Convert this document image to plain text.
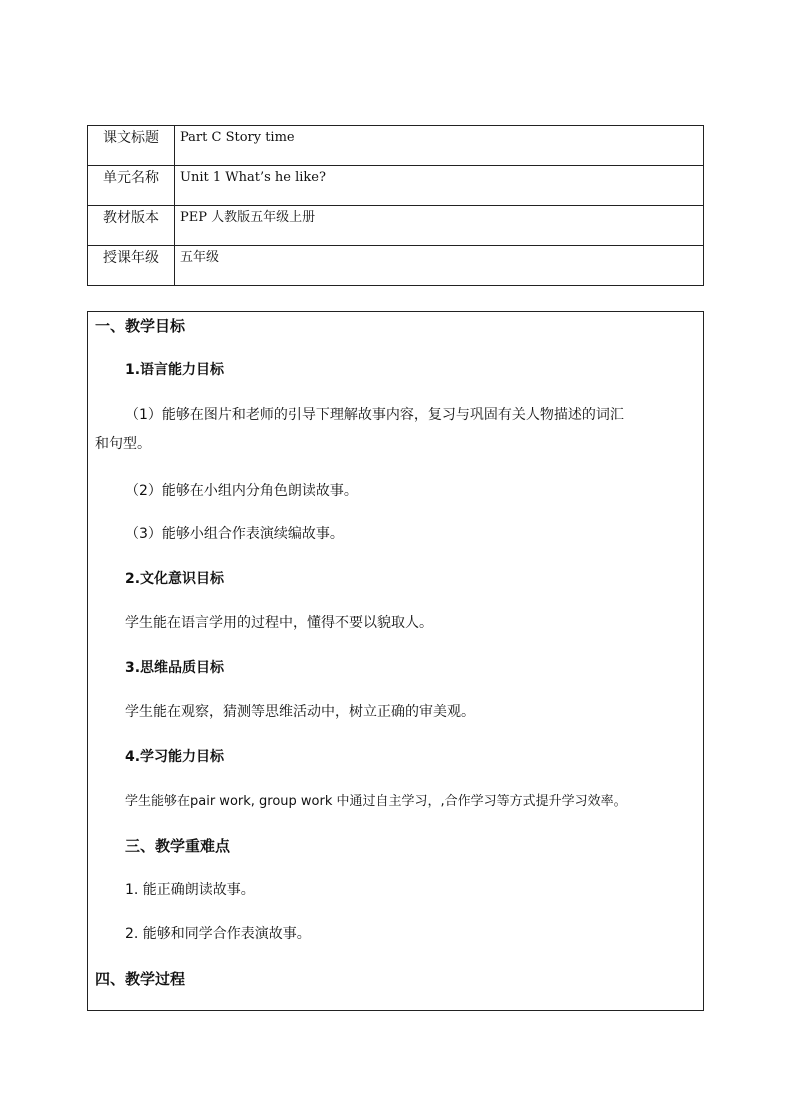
课文标题	Part C Story time
单元名称	Unit 1 What’s he like?
教材版本	PEP 人教版五年级上册
授课年级	五年级
一、教学目标
1.语言能力目标
（1）能够在图片和老师的引导下理解故事内容，复习与巩固有关人物描述的词汇
和句型。
（2）能够在小组内分角色朗读故事。
（3）能够小组合作表演续编故事。
2.文化意识目标
学生能在语言学用的过程中，懂得不要以貌取人。
3.思维品质目标
学生能在观察，猜测等思维活动中，树立正确的审美观。
4.学习能力目标
学生能够在pair work, group work 中通过自主学习，,合作学习等方式提升学习效率。
三、教学重难点
1. 能正确朗读故事。
2. 能够和同学合作表演故事。
四、教学过程
